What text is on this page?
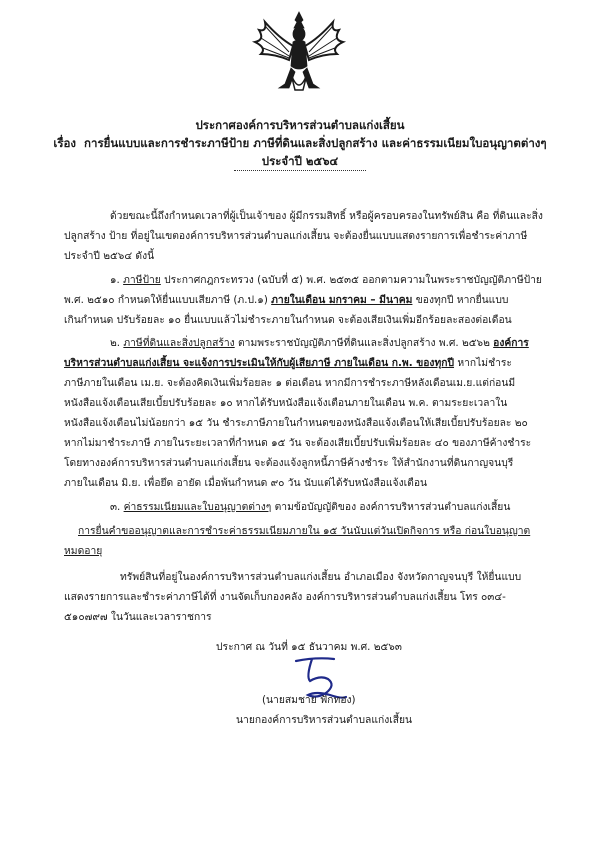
ประกาศองค์การบริหารส่วนตำบลแก่งเสี้ยน
เรื่อง การยื่นแบบและการชำระภาษีป้าย ภาษีที่ดินและสิ่งปลูกสร้าง และค่าธรรมเนียมใบอนุญาตต่างๆ
ประจำปี ๒๕๖๔
ด้วยขณะนี้ถึงกำหนดเวลาที่ผู้เป็นเจ้าของ ผู้มีกรรมสิทธิ์ หรือผู้ครอบครองในทรัพย์สิน คือ ที่ดินและสิ่ง
ปลูกสร้าง ป้าย ที่อยู่ในเขตองค์การบริหารส่วนตำบลแก่งเสี้ยน จะต้องยื่นแบบแสดงรายการเพื่อชำระค่าภาษี
ประจำปี ๒๕๖๔ ดังนี้
๑. ภาษีป้าย ประกาศกฎกระทรวง (ฉบับที่ ๕) พ.ศ. ๒๕๓๕ ออกตามความในพระราชบัญญัติภาษีป้าย
พ.ศ. ๒๕๑๐ กำหนดให้ยื่นแบบเสียภาษี (ภ.ป.๑) ภายในเดือน มกราคม – มีนาคม ของทุกปี หากยื่นแบบ
เกินกำหนด ปรับร้อยละ ๑๐ ยื่นแบบแล้วไม่ชำระภายในกำหนด จะต้องเสียเงินเพิ่มอีกร้อยละสองต่อเดือน
๒. ภาษีที่ดินและสิ่งปลูกสร้าง ตามพระราชบัญญัติภาษีที่ดินและสิ่งปลูกสร้าง พ.ศ. ๒๕๖๒ องค์การ
บริหารส่วนตำบลแก่งเสี้ยน จะแจ้งการประเมินให้กับผู้เสียภาษี ภายในเดือน ก.พ. ของทุกปี หากไม่ชำระ
ภาษีภายในเดือน เม.ย. จะต้องคิดเงินเพิ่มร้อยละ ๑ ต่อเดือน หากมีการชำระภาษีหลังเดือนเม.ย.แต่ก่อนมี
หนังสือแจ้งเตือนเสียเบี้ยปรับร้อยละ ๑๐ หากได้รับหนังสือแจ้งเตือนภายในเดือน พ.ค. ตามระยะเวลาใน
หนังสือแจ้งเตือนไม่น้อยกว่า ๑๕ วัน ชำระภาษีภายในกำหนดของหนังสือแจ้งเตือนให้เสียเบี้ยปรับร้อยละ ๒๐
หากไม่มาชำระภาษี ภายในระยะเวลาที่กำหนด ๑๕ วัน จะต้องเสียเบี้ยปรับเพิ่มร้อยละ ๔๐ ของภาษีค้างชำระ
โดยทางองค์การบริหารส่วนตำบลแก่งเสี้ยน จะต้องแจ้งลูกหนี้ภาษีค้างชำระ ให้สำนักงานที่ดินกาญจนบุรี
ภายในเดือน มิ.ย. เพื่อยึด อายัด เมื่อพ้นกำหนด ๙๐ วัน นับแต่ได้รับหนังสือแจ้งเตือน
๓. ค่าธรรมเนียมและใบอนุญาตต่างๆ ตามข้อบัญญัติของ องค์การบริหารส่วนตำบลแก่งเสี้ยน
การยื่นคำขออนุญาตและการชำระค่าธรรมเนียมภายใน ๑๕ วันนับแต่วันเปิดกิจการ หรือ ก่อนใบอนุญาต
หมดอายุ
ทรัพย์สินที่อยู่ในองค์การบริหารส่วนตำบลแก่งเสี้ยน อำเภอเมือง จังหวัดกาญจนบุรี ให้ยื่นแบบ
แสดงรายการและชำระค่าภาษีได้ที่ งานจัดเก็บกองคลัง องค์การบริหารส่วนตำบลแก่งเสี้ยน โทร ๐๓๔-
๕๑๐๗๙๗ ในวันและเวลาราชการ
ประกาศ ณ วันที่ ๑๕ ธันวาคม พ.ศ. ๒๕๖๓
(นายสมชาย ฟักทอง)
นายกองค์การบริหารส่วนตำบลแก่งเสี้ยน
